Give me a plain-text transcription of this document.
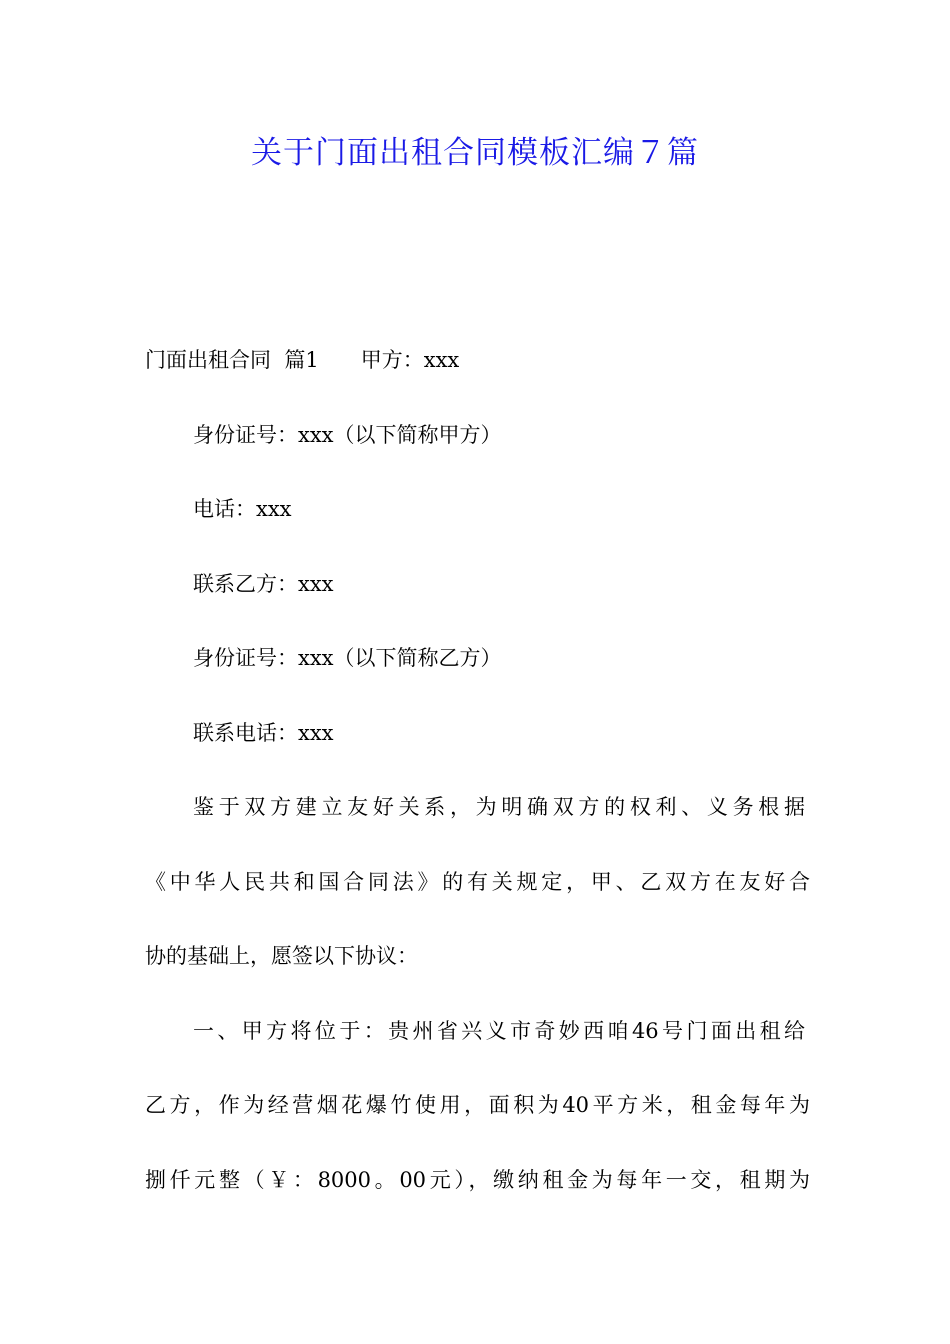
关于门面出租合同模板汇编７篇

门面出租合同 篇1 甲方：xxx

身份证号：xxx（以下简称甲方）

电话：xxx

联系乙方：xxx

身份证号：xxx（以下简称乙方）

联系电话：xxx

鉴于双方建立友好关系，为明确双方的权利、义务根据

《中华人民共和国合同法》的有关规定，甲、乙双方在友好合

协的基础上，愿签以下协议：

一、甲方将位于：贵州省兴义市奇妙西咱46号门面出租给

乙方，作为经营烟花爆竹使用，面积为40平方米，租金每年为

捌仟元整（￥：8000。00元），缴纳租金为每年一交，租期为
